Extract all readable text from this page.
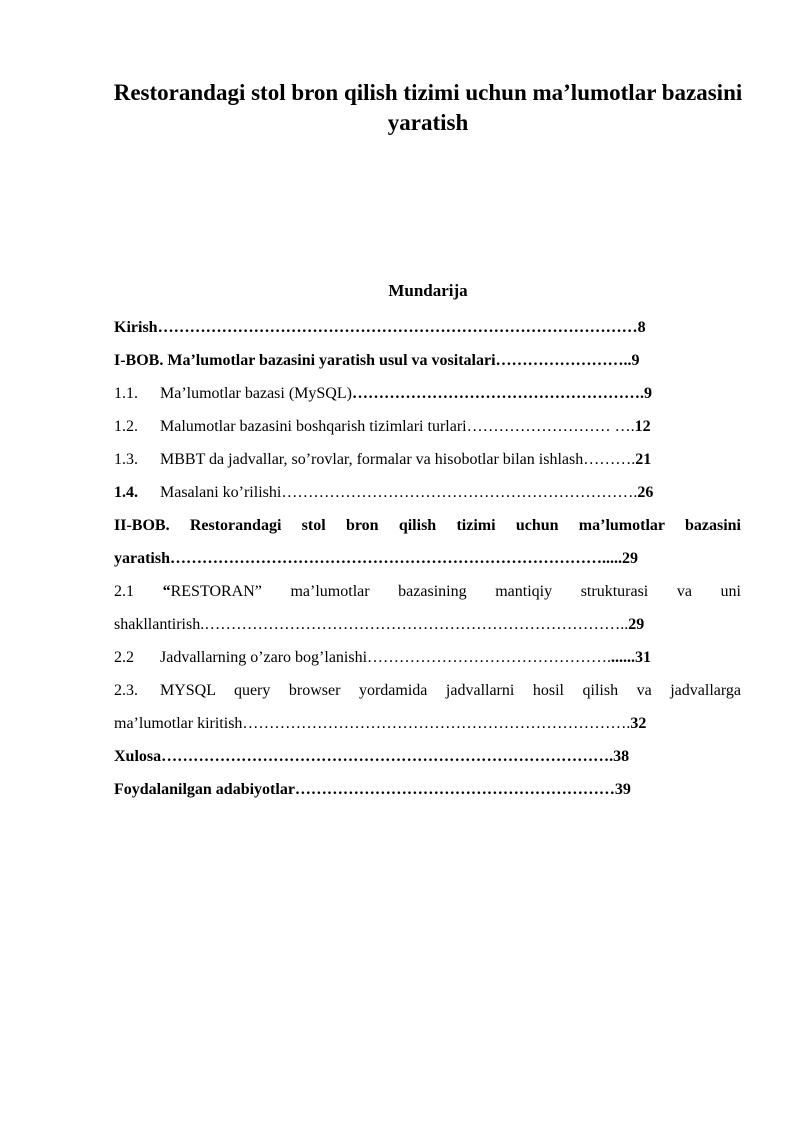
Restorandagi stol bron qilish tizimi uchun ma’lumotlar bazasini yaratish
Mundarija
Kirish………………………………………………………………………………8
I-BOB. Ma’lumotlar bazasini yaratish usul va vositalari……………………..9
1.1. Ma’lumotlar bazasi (MySQL)……………………………………………….9
1.2. Malumotlar bazasini boshqarish tizimlari turlari……………………… ….12
1.3. MBBT da jadvallar, so’rovlar, formalar va hisobotlar bilan ishlash……….21
1.4. Masalani ko’rilishi………………………………………………………….26
II-BOB. Restorandagi stol bron qilish tizimi uchun ma’lumotlar bazasini
yaratish……………………………………………………………………….....29
2.1 “RESTORAN” ma’lumotlar bazasining mantiqiy strukturasi va uni
shakllantirish.……………………………………………………………………..29
2.2 Jadvallarning o’zaro bog’lanishi……………………………………….......31
2.3. MYSQL query browser yordamida jadvallarni hosil qilish va jadvallarga
ma’lumotlar kiritish……………………………………………………………….32
Xulosa………………………………………………………………………….38
Foydalanilgan adabiyotlar……………………………………………………39
